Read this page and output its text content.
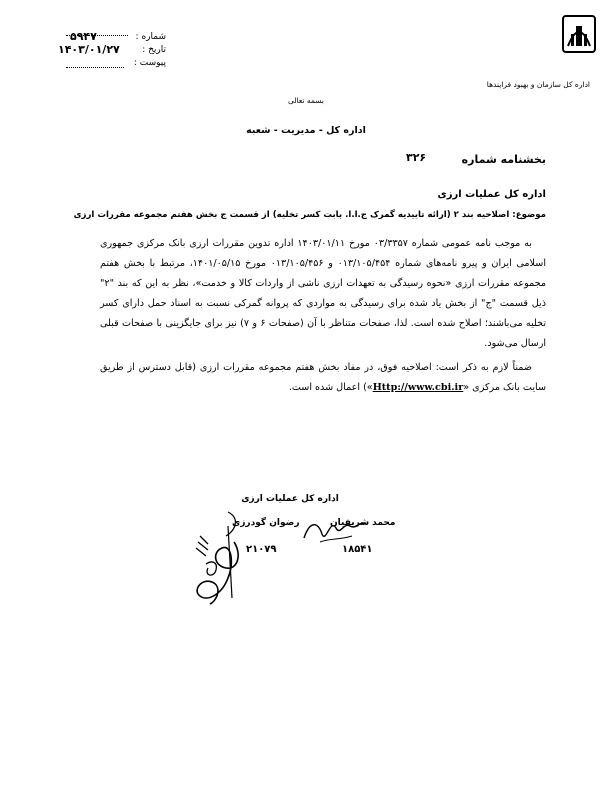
اداره کل سازمان و بهبود فرایندها
۵۹۴۷	شماره :
۱۴۰۳/۰۱/۲۷ تاریخ :
پیوست :
بسمه تعالی
اداره کل - مدیریت - شعبه
بخشنامه شماره
۳۲۶
اداره کل عملیات ارزی
موضوع: اصلاحیه بند ۲ (ارائه تاییدیه گمرک ج.ا.ا. بابت کسر تخلیه) از قسمت ج بخش هفتم مجموعه مقررات ارزی

به موجب نامه عمومی شماره ۰۳/۳۳۵۷ مورخ ۱۴۰۳/۰۱/۱۱ اداره تدوین مقررات ارزی بانک مرکزی جمهوری اسلامی ایران و پیرو نامه‌های شماره ۰۱۳/۱۰۵/۴۵۴ و ۰۱۳/۱۰۵/۴۵۶ مورخ ۱۴۰۱/۰۵/۱۵، مرتبط با بخش هفتم مجموعه مقررات ارزی «نحوه رسیدگی به تعهدات ارزی ناشی از واردات کالا و خدمت»، نظر به این که بند "۲" ذیل قسمت "ج" از بخش یاد شده برای رسیدگی به مواردی که پروانه گمرکی نسبت به اسناد حمل دارای کسر تخلیه می‌باشند؛ اصلاح شده است. لذا، صفحات متناظر با آن (صفحات ۶ و ۷) نیز برای جایگزینی با صفحات قبلی ارسال می‌شود.

ضمناً لازم به ذکر است: اصلاحیه فوق، در مفاد بخش هفتم مجموعه مقررات ارزی (قابل دسترس از طریق سایت بانک مرکزی «Http://www.cbi.ir») اعمال شده است.

اداره کل عملیات ارزی
محمد شریفیان
رضوان گودرزی
۱۸۵۴۱
۲۱۰۷۹
